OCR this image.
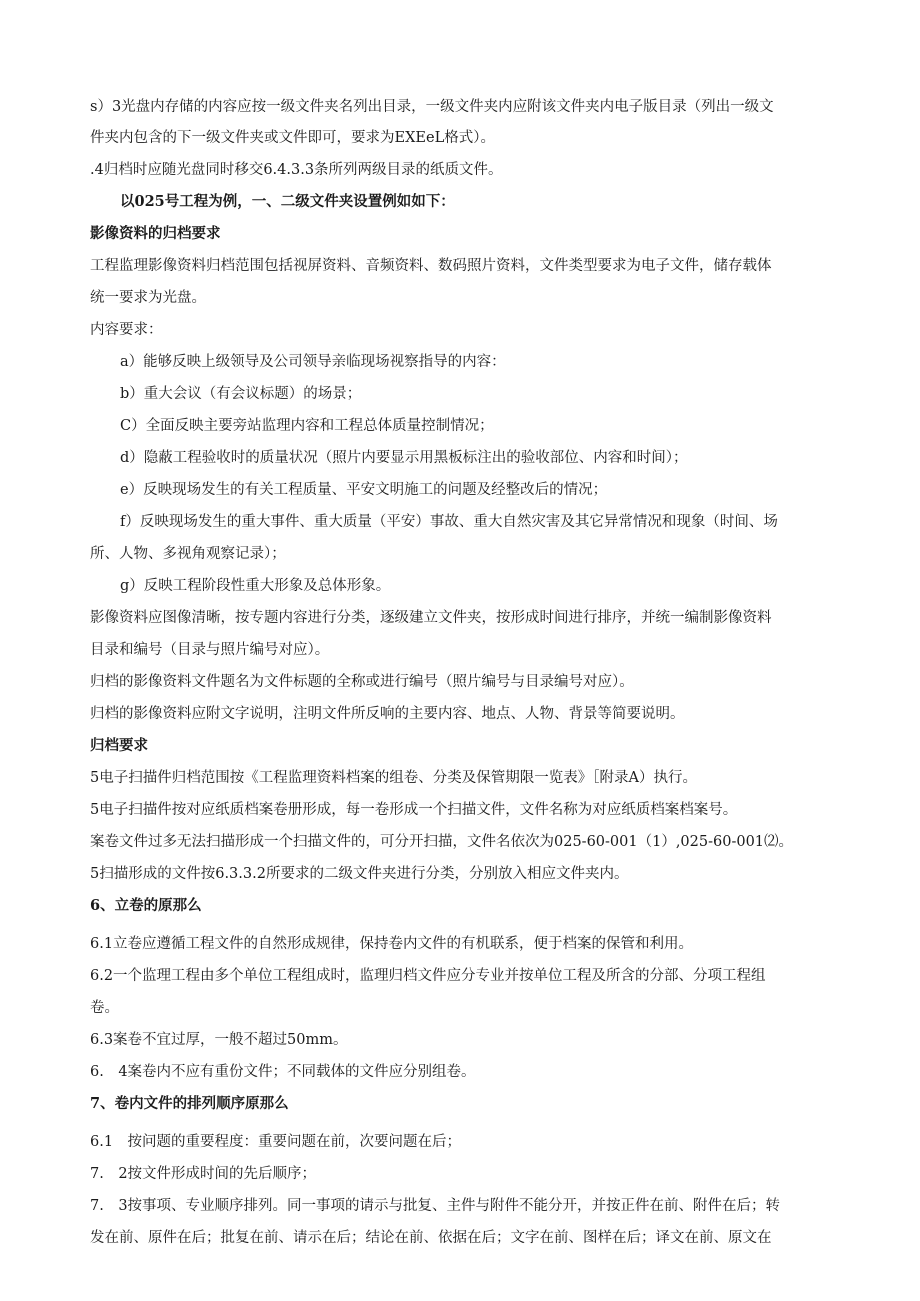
s）3光盘内存储的内容应按一级文件夹名列出目录，一级文件夹内应附该文件夹内电子版目录（列出一级文
件夹内包含的下一级文件夹或文件即可，要求为EXEeL格式）。
.4归档时应随光盘同时移交6.4.3.3条所列两级目录的纸质文件。
以025号工程为例，一、二级文件夹设置例如如下：
影像资料的归档要求
工程监理影像资料归档范围包括视屏资料、音频资料、数码照片资料，文件类型要求为电子文件，储存载体
统一要求为光盘。
内容要求：
a）能够反映上级领导及公司领导亲临现场视察指导的内容：
b）重大会议（有会议标题）的场景；
C）全面反映主要旁站监理内容和工程总体质量控制情况；
d）隐蔽工程验收时的质量状况（照片内要显示用黑板标注出的验收部位、内容和时间）；
e）反映现场发生的有关工程质量、平安文明施工的问题及经整改后的情况；
f）反映现场发生的重大事件、重大质量（平安）事故、重大自然灾害及其它异常情况和现象（时间、场
所、人物、多视角观察记录）；
g）反映工程阶段性重大形象及总体形象。
影像资料应图像清晰，按专题内容进行分类，逐级建立文件夹，按形成时间进行排序，并统一编制影像资料
目录和编号（目录与照片编号对应）。
归档的影像资料文件题名为文件标题的全称或进行编号（照片编号与目录编号对应）。
归档的影像资料应附文字说明，注明文件所反响的主要内容、地点、人物、背景等简要说明。
归档要求
5电子扫描件归档范围按《工程监理资料档案的组卷、分类及保管期限一览表》［附录A）执行。
5电子扫描件按对应纸质档案卷册形成，每一卷形成一个扫描文件，文件名称为对应纸质档案档案号。
案卷文件过多无法扫描形成一个扫描文件的，可分开扫描，文件名依次为025-60-001（1）,025-60-001⑵。
5扫描形成的文件按6.3.3.2所要求的二级文件夹进行分类，分别放入相应文件夹内。
6、立卷的原那么
6.1立卷应遵循工程文件的自然形成规律，保持卷内文件的有机联系，便于档案的保管和利用。
6.2一个监理工程由多个单位工程组成时，监理归档文件应分专业并按单位工程及所含的分部、分项工程组
卷。
6.3案卷不宜过厚，一般不超过50mm。
6.　4案卷内不应有重份文件；不同载体的文件应分别组卷。
7、卷内文件的排列顺序原那么
6.1　按问题的重要程度：重要问题在前，次要问题在后；
7.　2按文件形成时间的先后顺序；
7.　3按事项、专业顺序排列。同一事项的请示与批复、主件与附件不能分开，并按正件在前、附件在后；转
发在前、原件在后；批复在前、请示在后；结论在前、依据在后；文字在前、图样在后；译文在前、原文在
